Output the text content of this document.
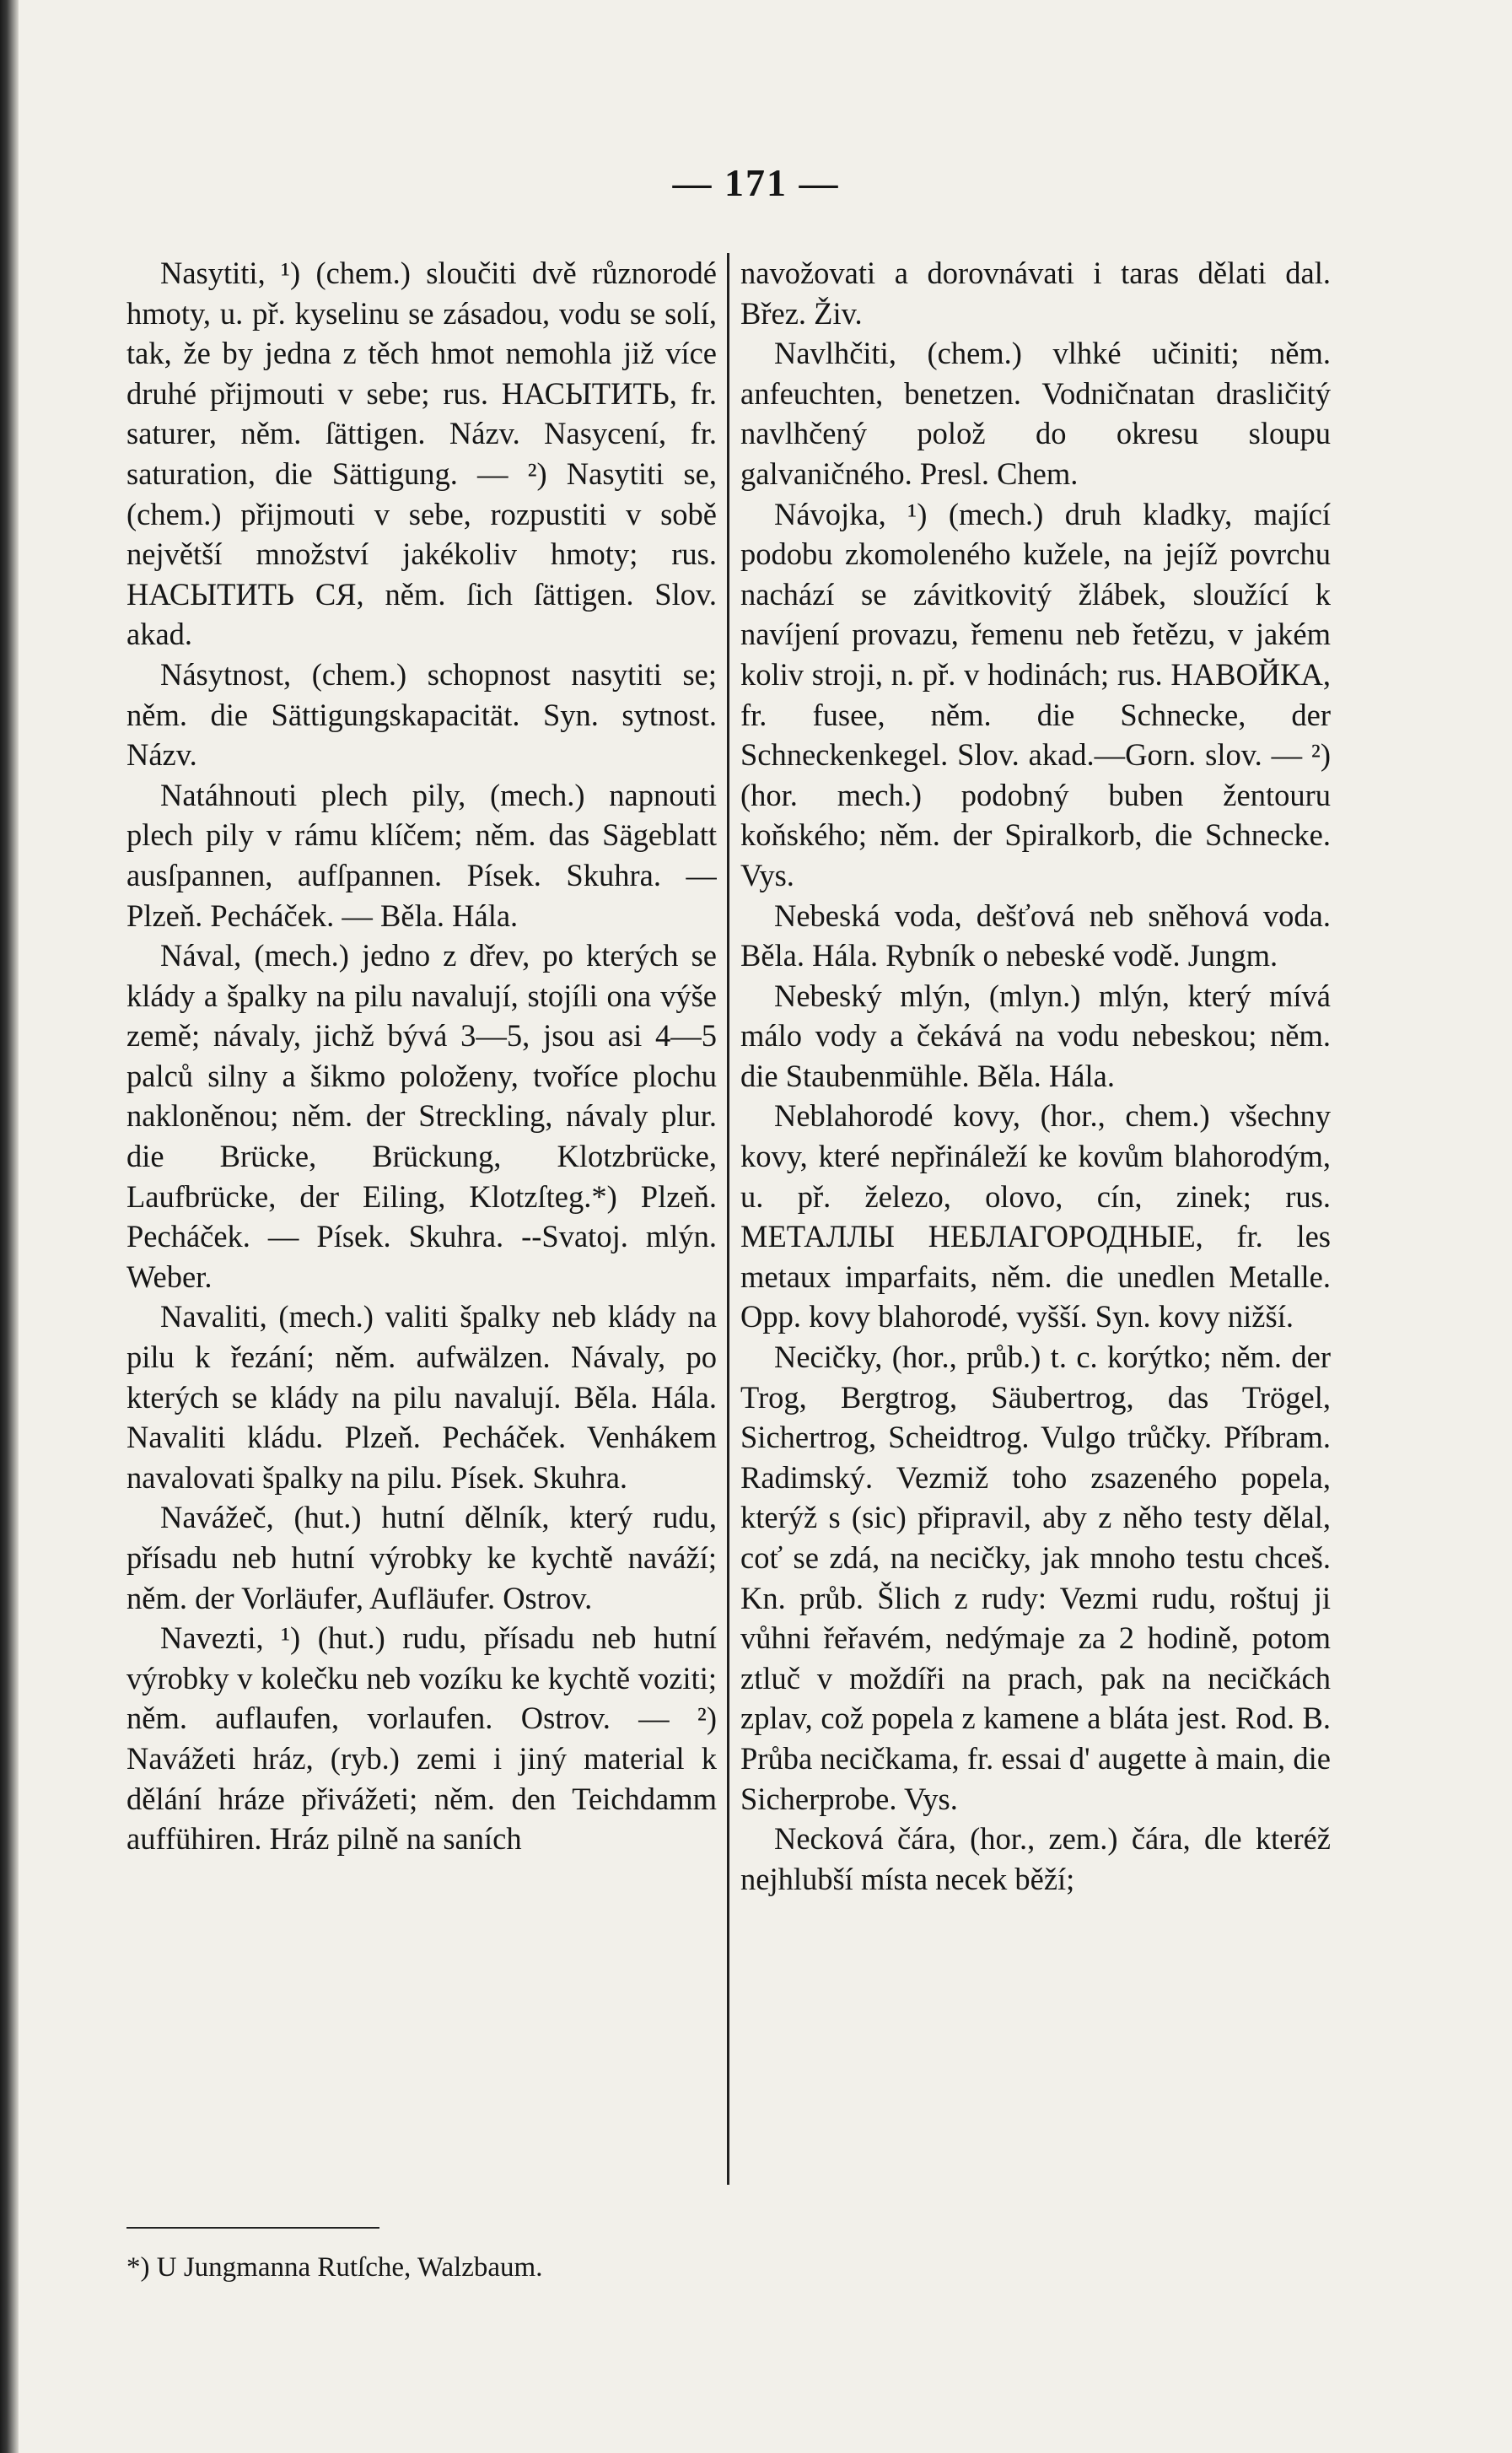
— 171 —

Nasytiti, ¹) (chem.) sloučiti dvě různorodé hmoty, u. př. kyselinu se zásadou, vodu se solí, tak, že by jedna z těch hmot nemohla již více druhé přijmouti v sebe; rus. НАСЫТИТЬ, fr. saturer, něm. ſättigen. Názv. Nasycení, fr. saturation, die Sättigung. — ²) Nasytiti se, (chem.) přijmouti v sebe, rozpustiti v sobě největší množství jakékoliv hmoty; rus. НАСЫТИТЬ СЯ, něm. ſich ſättigen. Slov. akad.

Násytnost, (chem.) schopnost nasytiti se; něm. die Sättigungskapacität. Syn. sytnost. Názv.

Natáhnouti plech pily, (mech.) napnouti plech pily v rámu klíčem; něm. das Sägeblatt ausſpannen, aufſpannen. Písek. Skuhra. — Plzeň. Pecháček. — Běla. Hála.

Nával, (mech.) jedno z dřev, po kterých se klády a špalky na pilu navalují, stojíli ona výše země; návaly, jichž bývá 3—5, jsou asi 4—5 palců silny a šikmo položeny, tvoříce plochu nakloněnou; něm. der Streckling, návaly plur. die Brücke, Brückung, Klotzbrücke, Laufbrücke, der Eiling, Klotzſteg.*) Plzeň. Pecháček. — Písek. Skuhra. --Svatoj. mlýn. Weber.

Navaliti, (mech.) valiti špalky neb klády na pilu k řezání; něm. aufwälzen. Návaly, po kterých se klády na pilu navalují. Běla. Hála. Navaliti kládu. Plzeň. Pecháček. Venhákem navalovati špalky na pilu. Písek. Skuhra.

Navážeč, (hut.) hutní dělník, který rudu, přísadu neb hutní výrobky ke kychtě naváží; něm. der Vorläufer, Aufläufer. Ostrov.

Navezti, ¹) (hut.) rudu, přísadu neb hutní výrobky v kolečku neb vozíku ke kychtě voziti; něm. auflaufen, vorlaufen. Ostrov. — ²) Navážeti hráz, (ryb.) zemi i jiný material k dělání hráze přivážeti; něm. den Teichdamm auffühiren. Hráz pilně na saních

navožovati a dorovnávati i taras dělati dal. Břez. Živ.

Navlhčiti, (chem.) vlhké učiniti; něm. anfeuchten, benetzen. Vodničnatan drasličitý navlhčený polož do okresu sloupu galvaničného. Presl. Chem.

Návojka, ¹) (mech.) druh kladky, mající podobu zkomoleného kužele, na jejíž povrchu nachází se závitkovitý žlábek, sloužící k navíjení provazu, řemenu neb řetězu, v jakém koliv stroji, n. př. v hodinách; rus. НАВОЙКА, fr. fusee, něm. die Schnecke, der Schneckenkegel. Slov. akad.—Gorn. slov. — ²) (hor. mech.) podobný buben žentouru koňského; něm. der Spiralkorb, die Schnecke. Vys.

Nebeská voda, dešťová neb sněhová voda. Běla. Hála. Rybník o nebeské vodě. Jungm.

Nebeský mlýn, (mlyn.) mlýn, který mívá málo vody a čekává na vodu nebeskou; něm. die Staubenmühle. Běla. Hála.

Neblahorodé kovy, (hor., chem.) všechny kovy, které nepřináleží ke kovům blahorodým, u. př. železo, olovo, cín, zinek; rus. МЕТАЛЛЫ НЕБЛАГОРОДНЫЕ, fr. les metaux imparfaits, něm. die unedlen Metalle. Opp. kovy blahorodé, vyšší. Syn. kovy nižší.

Necičky, (hor., průb.) t. c. korýtko; něm. der Trog, Bergtrog, Säubertrog, das Trögel, Sichertrog, Scheidtrog. Vulgo trůčky. Příbram. Radimský. Vezmiž toho zsazeného popela, kterýž s (sic) připravil, aby z něho testy dělal, coť se zdá, na necičky, jak mnoho testu chceš. Kn. průb. Šlich z rudy: Vezmi rudu, roštuj ji vůhni řeřavém, nedýmaje za 2 hodině, potom ztluč v moždíři na prach, pak na necičkách zplav, což popela z kamene a bláta jest. Rod. B. Průba necičkama, fr. essai d' augette à main, die Sicherprobe. Vys.

Necková čára, (hor., zem.) čára, dle kteréž nejhlubší místa necek běží;

*) U Jungmanna Rutſche, Walzbaum.
